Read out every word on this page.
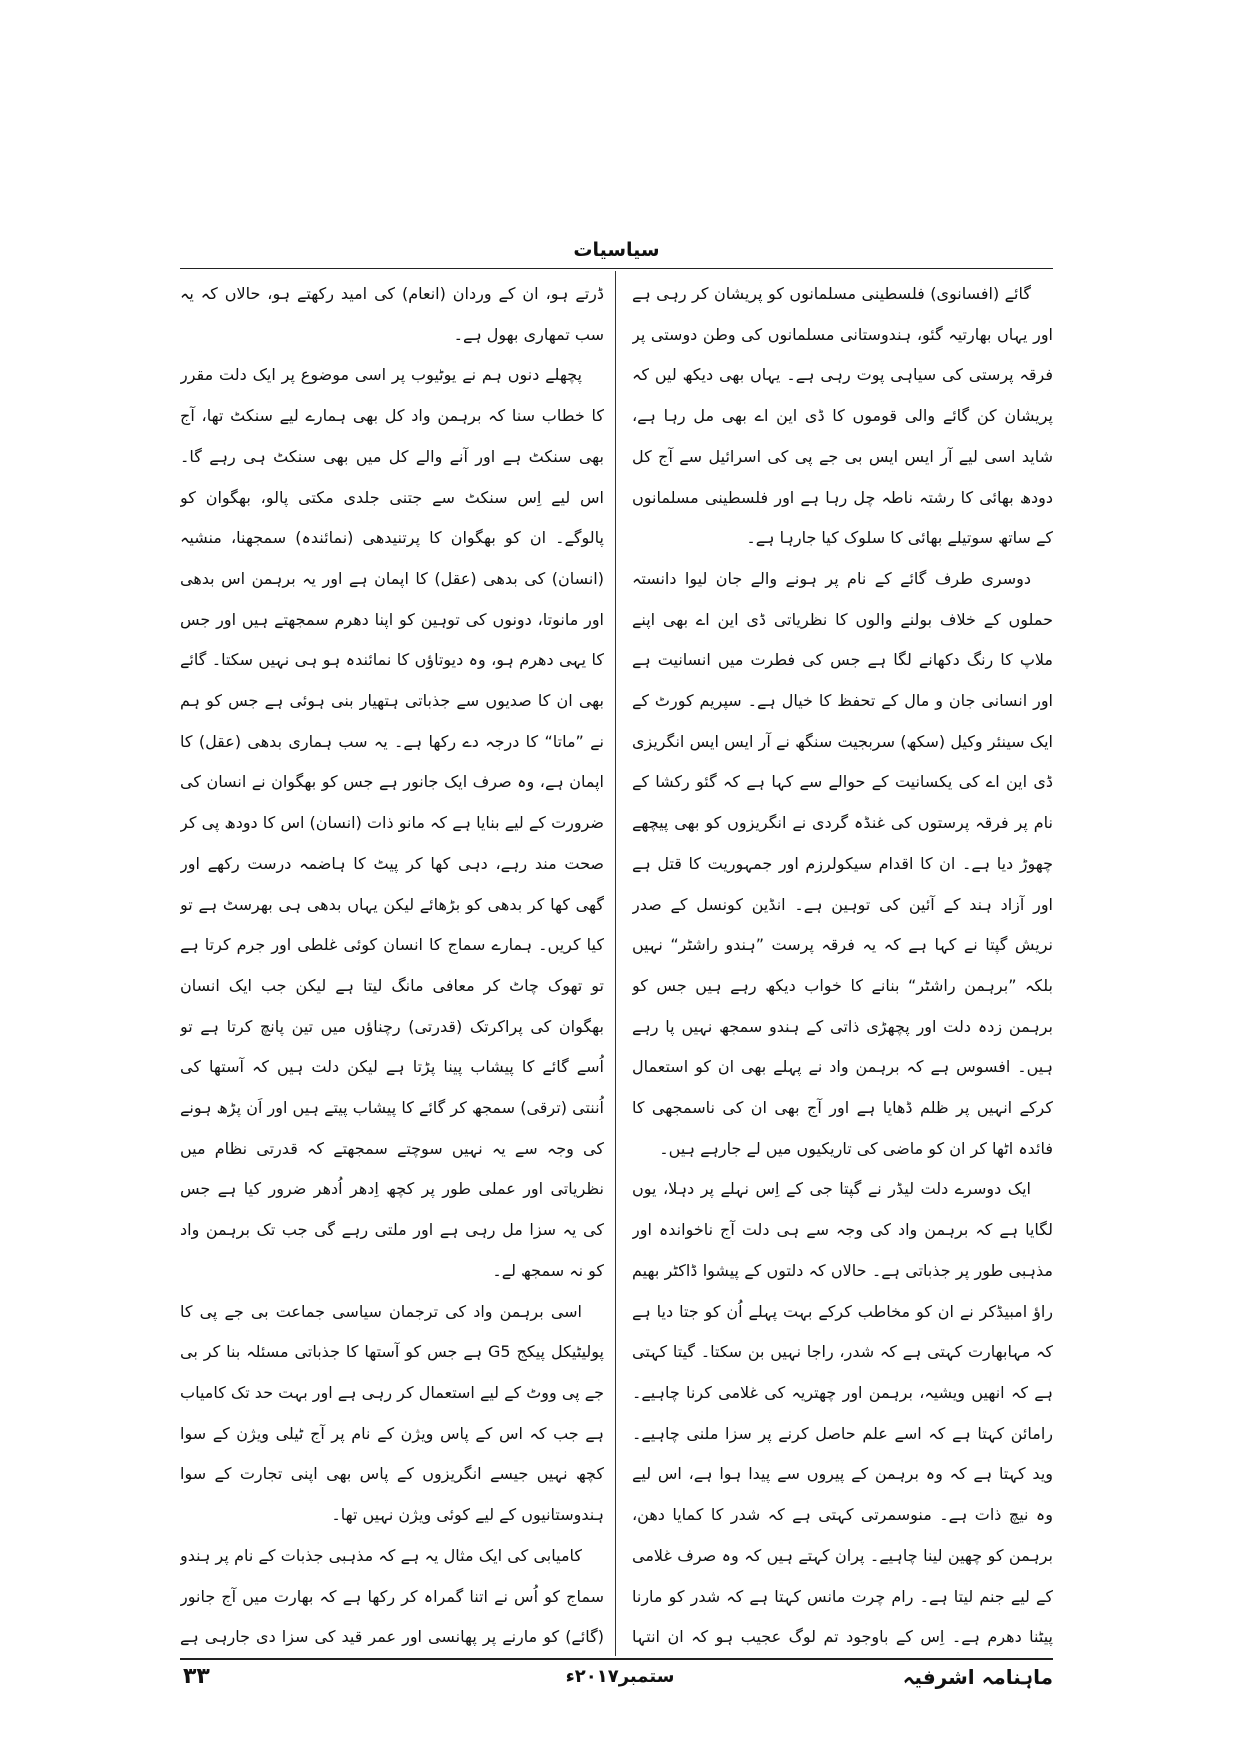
سیاسیات

گائے (افسانوی) فلسطینی مسلمانوں کو پریشان کر رہی ہے اور یہاں بھارتیہ گئو، ہندوستانی مسلمانوں کی وطن دوستی پر فرقہ پرستی کی سیاہی پوت رہی ہے۔ یہاں بھی دیکھ لیں کہ پریشان کن گائے والی قوموں کا ڈی این اے بھی مل رہا ہے، شاید اسی لیے آر ایس ایس بی جے پی کی اسرائیل سے آج کل دودھ بھائی کا رشتہ ناطہ چل رہا ہے اور فلسطینی مسلمانوں کے ساتھ سوتیلے بھائی کا سلوک کیا جارہا ہے۔

دوسری طرف گائے کے نام پر ہونے والے جان لیوا دانستہ حملوں کے خلاف بولنے والوں کا نظریاتی ڈی این اے بھی اپنے ملاپ کا رنگ دکھانے لگا ہے جس کی فطرت میں انسانیت ہے اور انسانی جان و مال کے تحفظ کا خیال ہے۔ سپریم کورٹ کے ایک سینئر وکیل (سکھ) سربجیت سنگھ نے آر ایس ایس انگریزی ڈی این اے کی یکسانیت کے حوالے سے کہا ہے کہ گئو رکشا کے نام پر فرقہ پرستوں کی غنڈہ گردی نے انگریزوں کو بھی پیچھے چھوڑ دیا ہے۔ ان کا اقدام سیکولرزم اور جمہوریت کا قتل ہے اور آزاد ہند کے آئین کی توہین ہے۔ انڈین کونسل کے صدر نریش گپتا نے کہا ہے کہ یہ فرقہ پرست ”ہندو راشٹر“ نہیں بلکہ ”برہمن راشٹر“ بنانے کا خواب دیکھ رہے ہیں جس کو برہمن زدہ دلت اور پچھڑی ذاتی کے ہندو سمجھ نہیں پا رہے ہیں۔ افسوس ہے کہ برہمن واد نے پہلے بھی ان کو استعمال کرکے انہیں پر ظلم ڈھایا ہے اور آج بھی ان کی ناسمجھی کا فائدہ اٹھا کر ان کو ماضی کی تاریکیوں میں لے جارہے ہیں۔

ایک دوسرے دلت لیڈر نے گپتا جی کے اِس نہلے پر دہلا، یوں لگایا ہے کہ برہمن واد کی وجہ سے ہی دلت آج ناخواندہ اور مذہبی طور پر جذباتی ہے۔ حالاں کہ دلتوں کے پیشوا ڈاکٹر بھیم راؤ امبیڈکر نے ان کو مخاطب کرکے بہت پہلے اُن کو جتا دیا ہے کہ مہابھارت کہتی ہے کہ شدر، راجا نہیں بن سکتا۔ گیتا کہتی ہے کہ انھیں ویشیہ، برہمن اور چھتریہ کی غلامی کرنا چاہیے۔ رامائن کہتا ہے کہ اسے علم حاصل کرنے پر سزا ملنی چاہیے۔ وید کہتا ہے کہ وہ برہمن کے پیروں سے پیدا ہوا ہے، اس لیے وہ نیچ ذات ہے۔ منوسمرتی کہتی ہے کہ شدر کا کمایا دھن، برہمن کو چھین لینا چاہیے۔ پران کہتے ہیں کہ وہ صرف غلامی کے لیے جنم لیتا ہے۔ رام چرت مانس کہتا ہے کہ شدر کو مارنا پیٹنا دھرم ہے۔ اِس کے باوجود تم لوگ عجیب ہو کہ ان انتہا

ڈرتے ہو، ان کے وردان (انعام) کی امید رکھتے ہو، حالاں کہ یہ سب تمھاری بھول ہے۔

پچھلے دنوں ہم نے یوٹیوب پر اسی موضوع پر ایک دلت مقرر کا خطاب سنا کہ برہمن واد کل بھی ہمارے لیے سنکٹ تھا، آج بھی سنکٹ ہے اور آنے والے کل میں بھی سنکٹ ہی رہے گا۔ اس لیے اِس سنکٹ سے جتنی جلدی مکتی پالو، بھگوان کو پالوگے۔ ان کو بھگوان کا پرتنیدھی (نمائندہ) سمجھنا، منشیہ (انسان) کی بدھی (عقل) کا اپمان ہے اور یہ برہمن اس بدھی اور مانوتا، دونوں کی توہین کو اپنا دھرم سمجھتے ہیں اور جس کا یہی دھرم ہو، وہ دیوتاؤں کا نمائندہ ہو ہی نہیں سکتا۔ گائے بھی ان کا صدیوں سے جذباتی ہتھیار بنی ہوئی ہے جس کو ہم نے ”ماتا“ کا درجہ دے رکھا ہے۔ یہ سب ہماری بدھی (عقل) کا اپمان ہے، وہ صرف ایک جانور ہے جس کو بھگوان نے انسان کی ضرورت کے لیے بنایا ہے کہ مانو ذات (انسان) اس کا دودھ پی کر صحت مند رہے، دہی کھا کر پیٹ کا ہاضمہ درست رکھے اور گھی کھا کر بدھی کو بڑھائے لیکن یہاں بدھی ہی بھرسٹ ہے تو کیا کریں۔ ہمارے سماج کا انسان کوئی غلطی اور جرم کرتا ہے تو تھوک چاٹ کر معافی مانگ لیتا ہے لیکن جب ایک انسان بھگوان کی پراکرتک (قدرتی) رچناؤں میں تین پانچ کرتا ہے تو اُسے گائے کا پیشاب پینا پڑتا ہے لیکن دلت ہیں کہ آستھا کی اُننتی (ترقی) سمجھ کر گائے کا پیشاب پیتے ہیں اور اَن پڑھ ہونے کی وجہ سے یہ نہیں سوچتے سمجھتے کہ قدرتی نظام میں نظریاتی اور عملی طور پر کچھ اِدھر اُدھر ضرور کیا ہے جس کی یہ سزا مل رہی ہے اور ملتی رہے گی جب تک برہمن واد کو نہ سمجھ لے۔

اسی برہمن واد کی ترجمان سیاسی جماعت بی جے پی کا پولیٹیکل پیکج G5 ہے جس کو آستھا کا جذباتی مسئلہ بنا کر بی جے پی ووٹ کے لیے استعمال کر رہی ہے اور بہت حد تک کامیاب ہے جب کہ اس کے پاس ویژن کے نام پر آج ٹیلی ویژن کے سوا کچھ نہیں جیسے انگریزوں کے پاس بھی اپنی تجارت کے سوا ہندوستانیوں کے لیے کوئی ویژن نہیں تھا۔

کامیابی کی ایک مثال یہ ہے کہ مذہبی جذبات کے نام پر ہندو سماج کو اُس نے اتنا گمراہ کر رکھا ہے کہ بھارت میں آج جانور (گائے) کو مارنے پر پھانسی اور عمر قید کی سزا دی جارہی ہے

ماہنامہ اشرفیہ
ستمبر۲۰۱۷ء
۳۳
